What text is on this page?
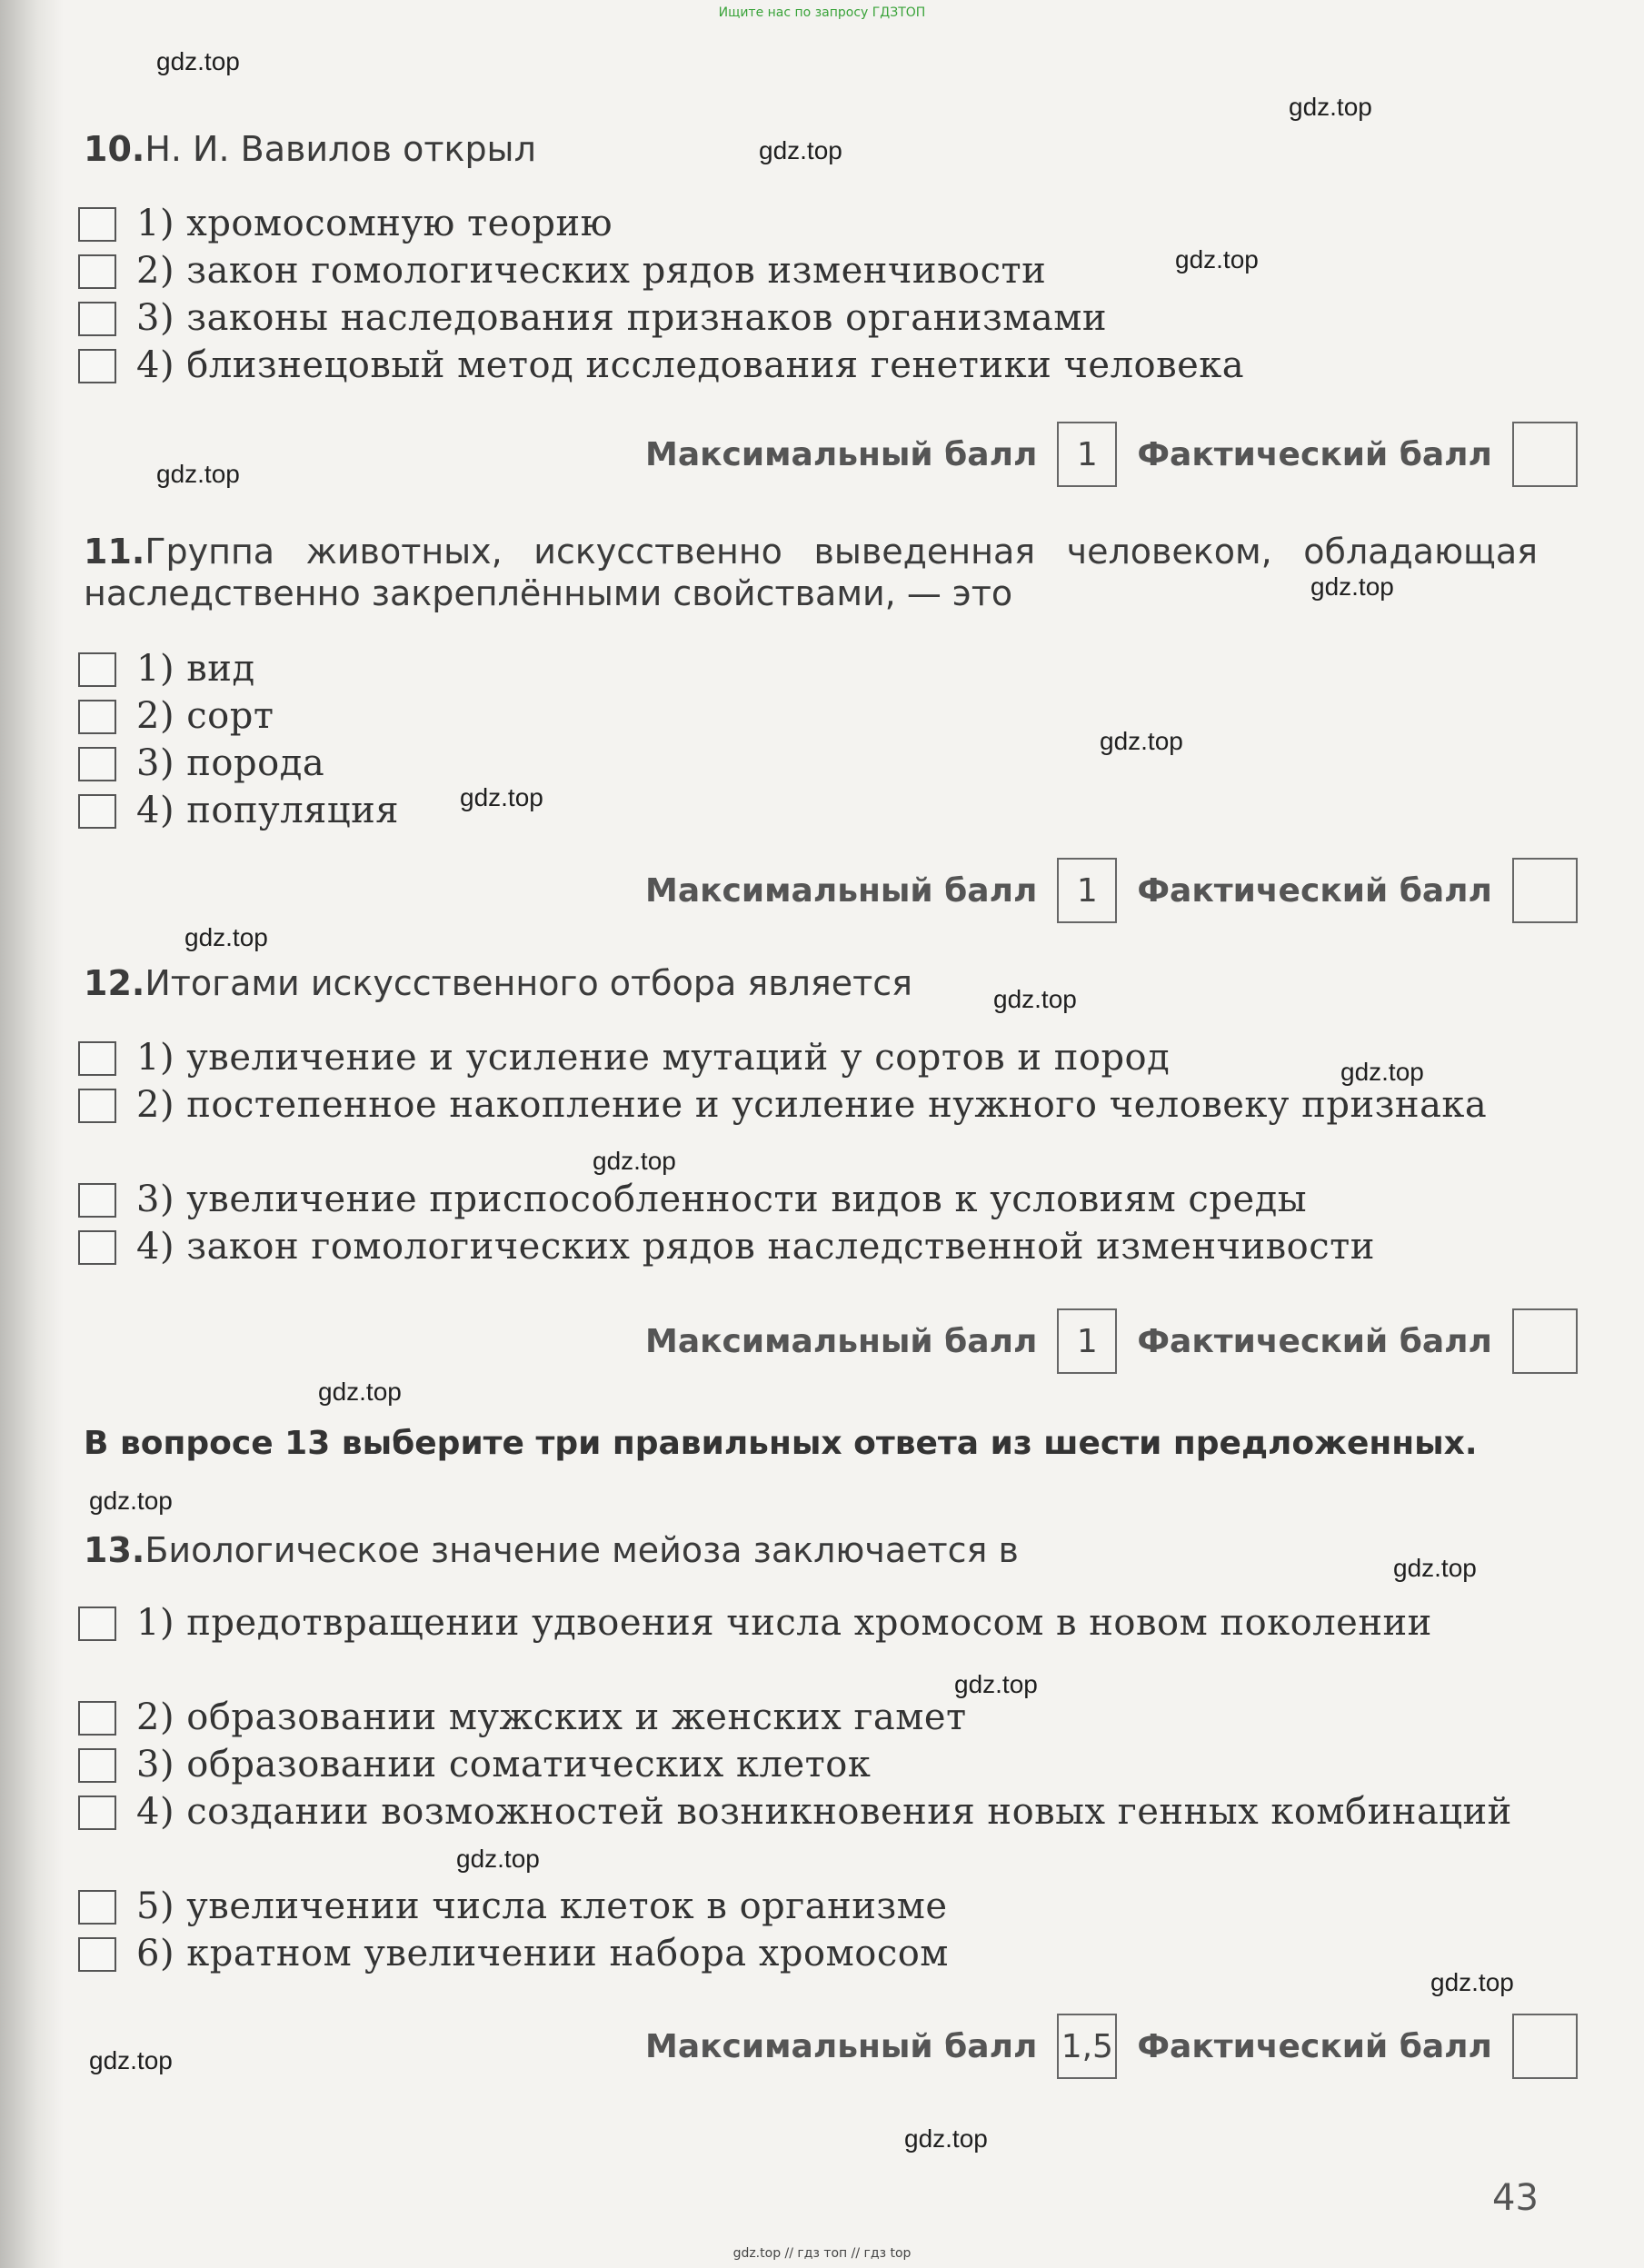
Ищите нас по запросу ГДЗТОП
gdz.top
gdz.top
gdz.top
gdz.top
gdz.top
gdz.top
gdz.top
gdz.top
gdz.top
gdz.top
gdz.top
gdz.top
gdz.top
gdz.top
gdz.top
gdz.top
gdz.top
gdz.top
gdz.top
gdz.top
10.Н. И. Вавилов открыл
1) хромосомную теорию
2) закон гомологических рядов изменчивости
3) законы наследования признаков организмами
4) близнецовый метод исследования генетики человека
Максимальный балл	1	Фактический балл
11.Группа животных, искусственно выведенная человеком, обладающая наследственно закреплёнными свойствами, — это
1) вид
2) сорт
3) порода
4) популяция
Максимальный балл	1	Фактический балл
12.Итогами искусственного отбора является
1) увеличение и усиление мутаций у сортов и пород
2) постепенное накопление и усиление нужного человеку признака
3) увеличение приспособленности видов к условиям среды
4) закон гомологических рядов наследственной изменчивости
Максимальный балл	1	Фактический балл
В вопросе 13 выберите три правильных ответа из шести предложенных.
13.Биологическое значение мейоза заключается в
1) предотвращении удвоения числа хромосом в новом поколении
2) образовании мужских и женских гамет
3) образовании соматических клеток
4) создании возможностей возникновения новых генных комбинаций
5) увеличении числа клеток в организме
6) кратном увеличении набора хромосом
Максимальный балл 1,5 Фактический балл
43
gdz.top // гдз топ // гдз top
